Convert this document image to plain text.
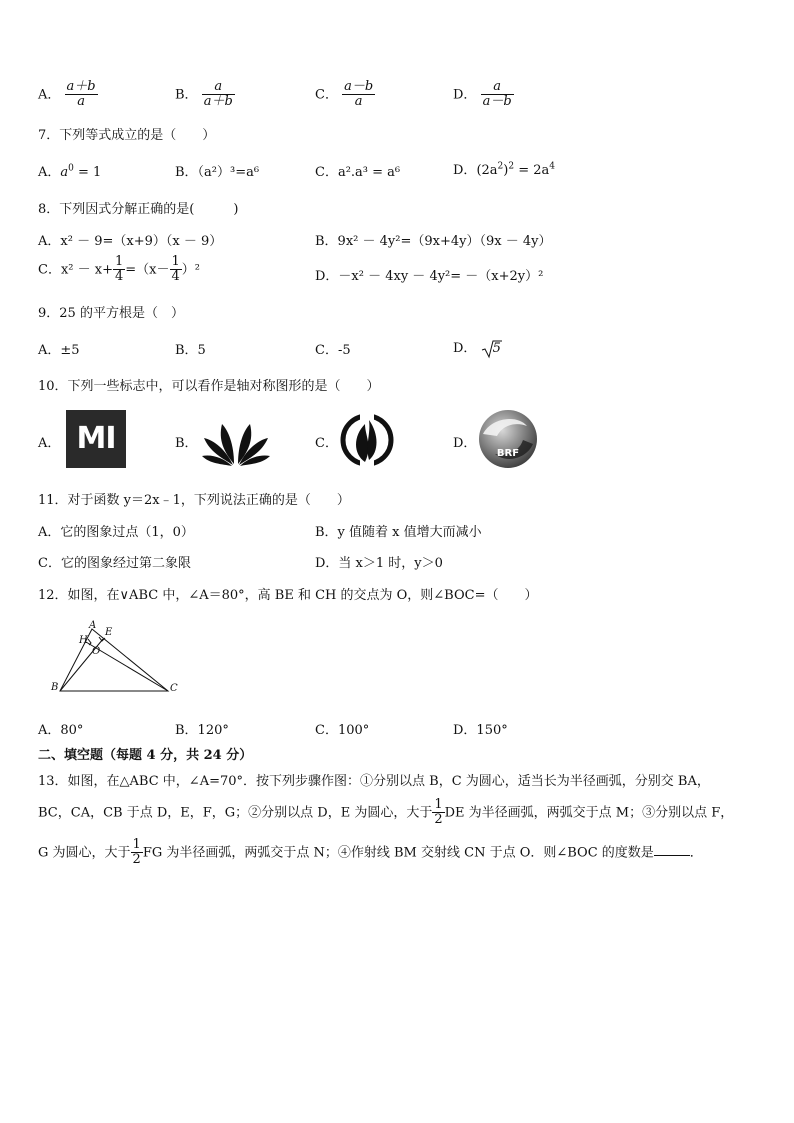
A． $\frac{a+b}{a}$	B． $\frac{a}{a+b}$	C． $\frac{a-b}{a}$	D． $\frac{a}{a-b}$
7．下列等式成立的是（　　）
A．$a^0 = 1$	B．（a²）³=a⁶	C．a².a³ = a⁶	D．$(2a^2)^2 = 2a^4$
8．下列因式分解正确的是(　　　)
A．x² － 9=（x+9）（x － 9）	B．9x² － 4y²=（9x+4y）（9x － 4y）
C．$x^2 - x+ \frac{1}{4} =(x- \frac{1}{4} )^2$	D．－x² － 4xy － 4y²= －（x+2y）²
9．25 的平方根是（　）
A．±5	B．5	C．-5	D． 5
10．下列一些标志中，可以看作是轴对称图形的是（　　）
A． MI	B．	C．	D．
BRF
11．对于函数 y＝2x﹣1，下列说法正确的是（　　）
A．它的图象过点（1，0）	B．y 值随着 x 值增大而减小
C．它的图象经过第二象限	D．当 x＞1 时，y＞0
12．如图，在∨ABC 中，∠A＝80°，高 BE 和 CH 的交点为 O，则∠BOC=（　　）
A
E
H
O
B	C
A．80°	B．120°	C．100°	D．150°
二、填空题（每题 4 分，共 24 分）
13．如图，在△ABC 中，∠A=70°．按下列步骤作图：①分别以点 B，C 为圆心，适当长为半径画弧，分别交 BA，
BC，CA，CB 于点 D，E，F，G；②分别以点 D，E 为圆心，大于 $\frac{1}{2}$ DE 为半径画弧，两弧交于点 M；③分别以点 F，
G 为圆心，大于 $\frac{1}{2}$ FG 为半径画弧，两弧交于点 N；④作射线 BM 交射线 CN 于点 O．则∠BOC 的度数是	．
